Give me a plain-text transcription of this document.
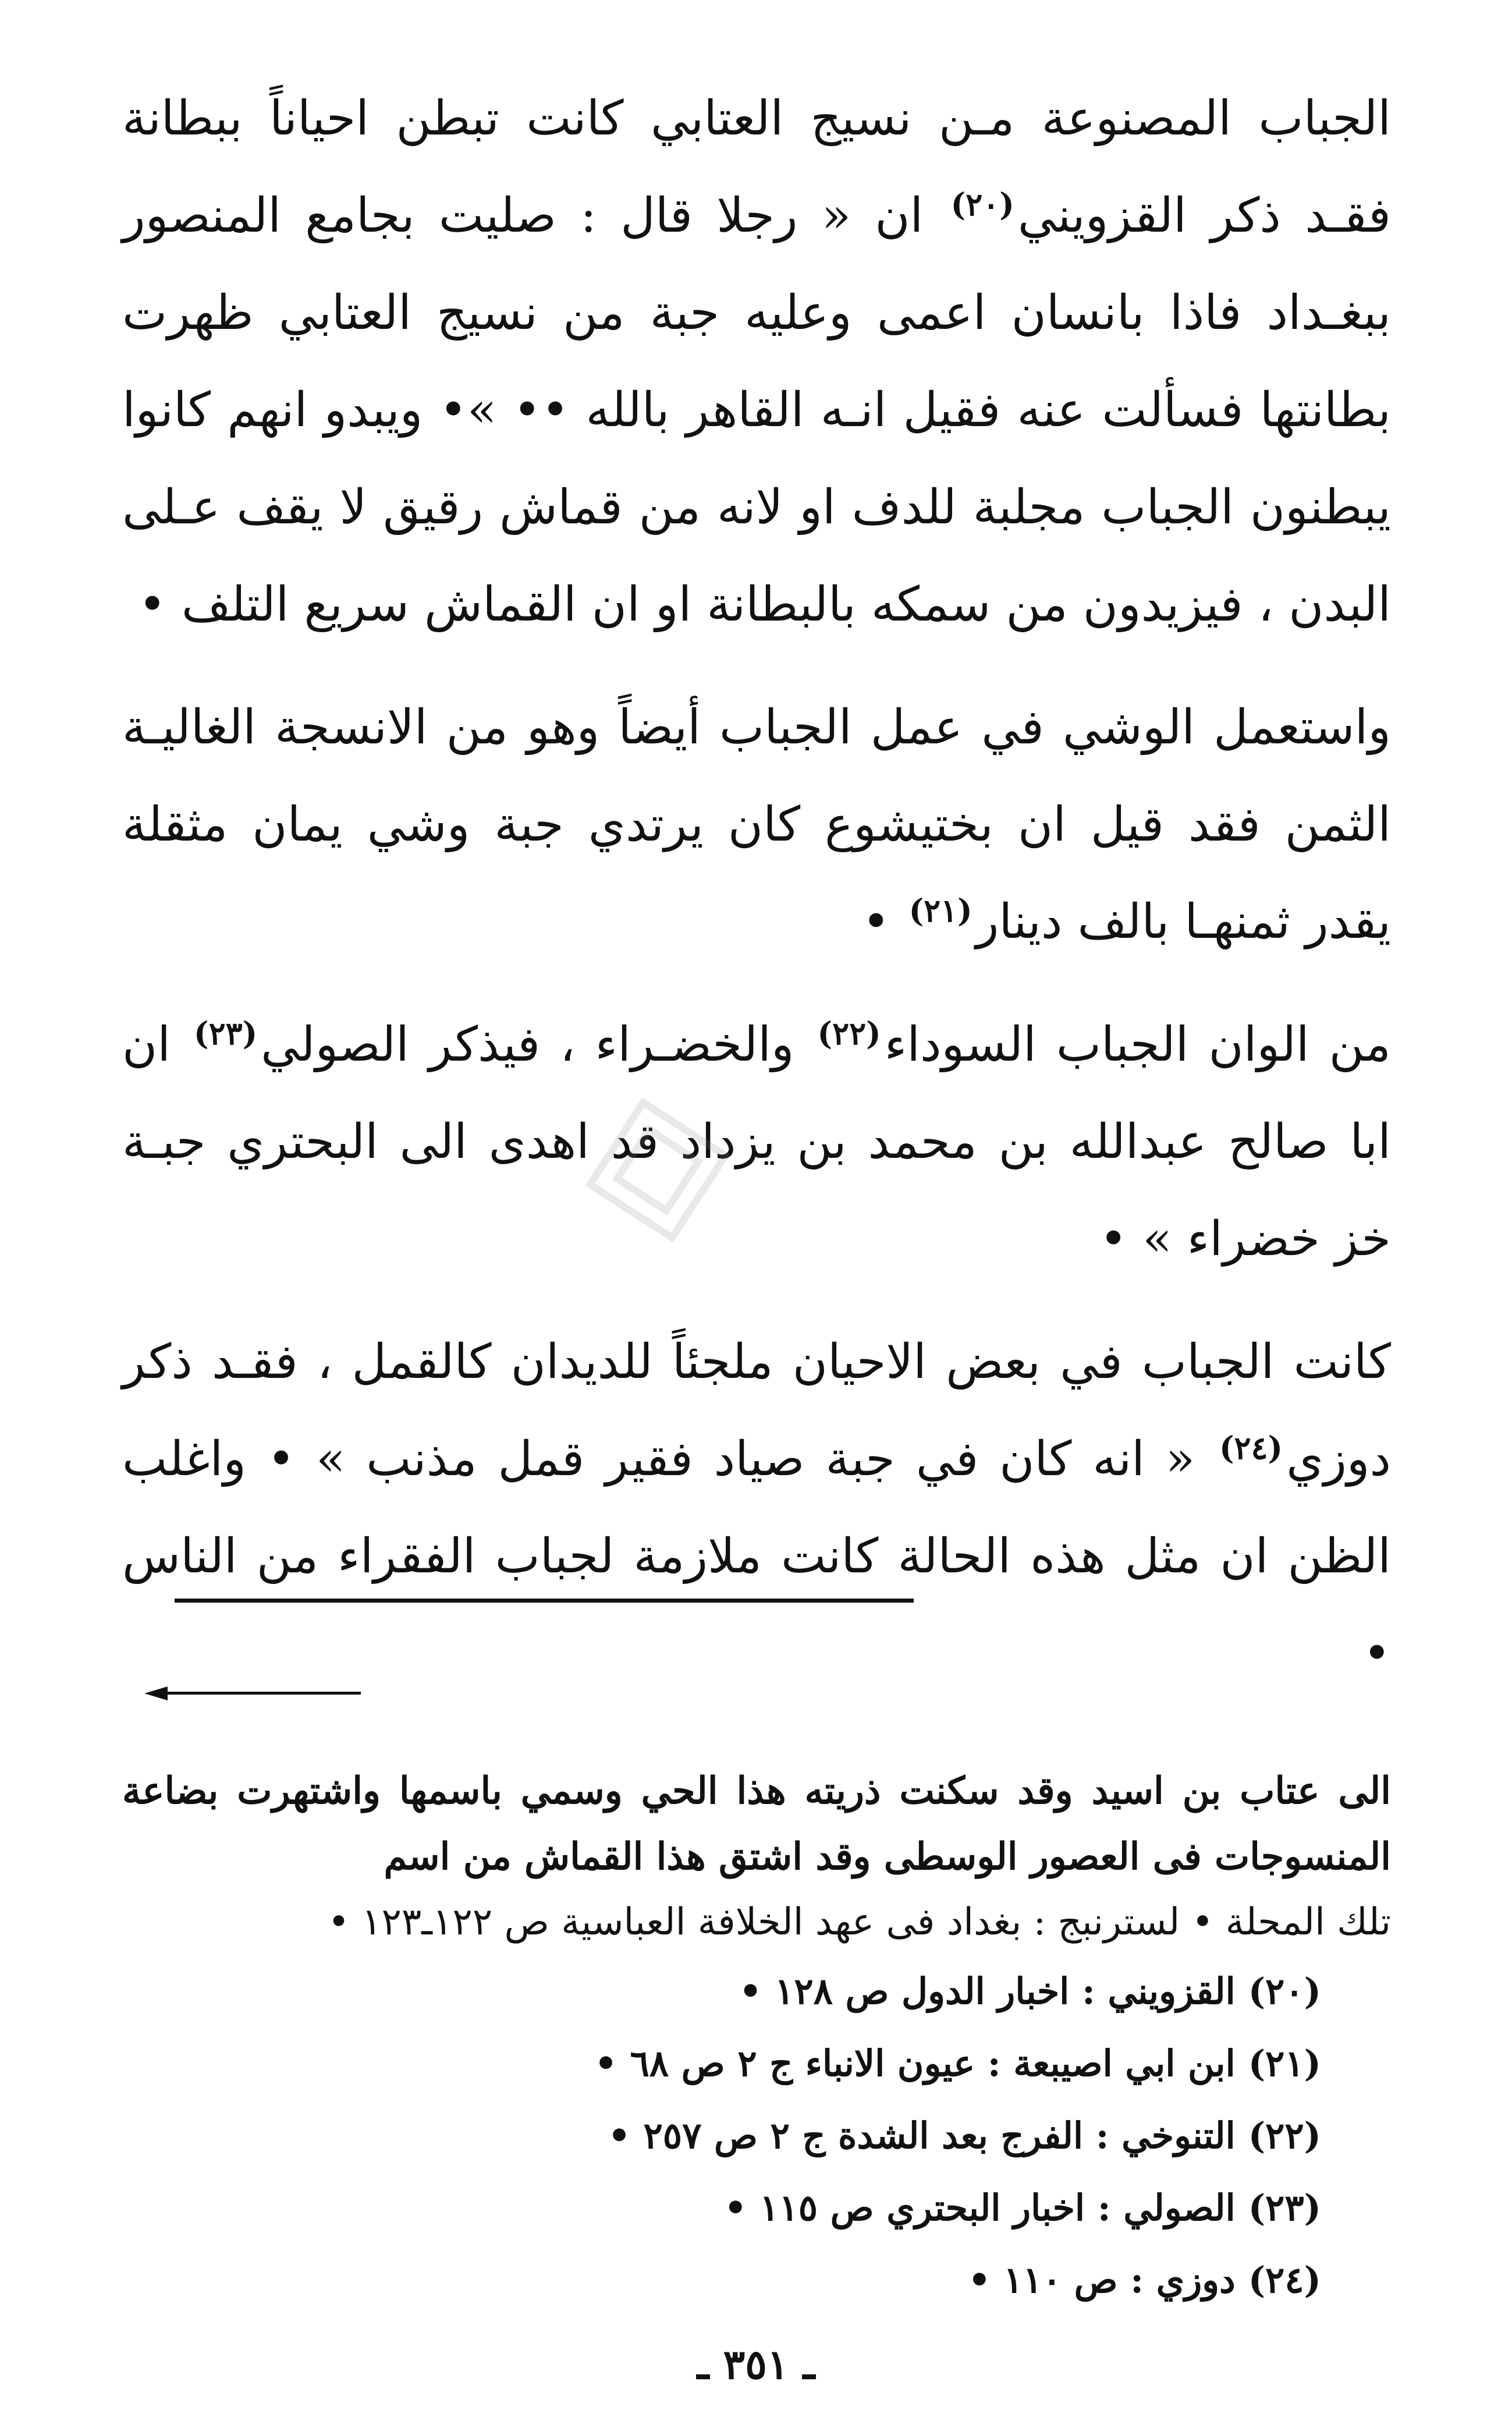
الجباب المصنوعة مـن نسيج العتابي كانت تبطن احياناً ببطانة فقـد ذكر القزويني$^{(٢٠)}$ ان « رجلا قال : صليت بجامع المنصور ببغـداد فاذا بانسان اعمى وعليه جبة من نسيج العتابي ظهرت بطانتها فسألت عنه فقيل انـه القاهر بالله •• »• ويبدو انهم كانوا يبطنون الجباب مجلبة للدف او لانه من قماش رقيق لا يقف عـلى البدن ، فيزيدون من سمكه بالبطانة او ان القماش سريع التلف •

واستعمل الوشي في عمل الجباب أيضاً وهو من الانسجة الغاليـة الثمن فقد قيل ان بختيشوع كان يرتدي جبة وشي يمان مثقلة يقدر ثمنهـا بالف دينار$^{(٢١)}$ •

من الوان الجباب السوداء$^{(٢٢)}$ والخضـراء ، فيذكر الصولي$^{(٢٣)}$ ان ابا صالح عبدالله بن محمد بن يزداد قد اهدى الى البحتري جبـة خز خضراء » •

كانت الجباب في بعض الاحيان ملجئاً للديدان كالقمل ، فقـد ذكر دوزي$^{(٢٤)}$ « انه كان في جبة صياد فقير قمل مذنب » • واغلب الظن ان مثل هذه الحالة كانت ملازمة لجباب الفقراء من الناس •

الى عتاب بن اسيد وقد سكنت ذريته هذا الحي وسمي باسمها واشتهرت بضاعة المنسوجات فى العصور الوسطى وقد اشتق هذا القماش من اسم

تلك المحلة • لسترنبج : بغداد فى عهد الخلافة العباسية ص ١٢٢ـ١٢٣ •

(٢٠)القزويني : اخبار الدول ص ١٢٨ •
(٢١)ابن ابي اصيبعة : عيون الانباء ج ٢ ص ٦٨ •
(٢٢)التنوخي : الفرج بعد الشدة ج ٢ ص ٢٥٧ •
(٢٣)الصولي : اخبار البحتري ص ١١٥ •
(٢٤)دوزي : ص ١١٠ •
ـ ٣٥١ ـ
